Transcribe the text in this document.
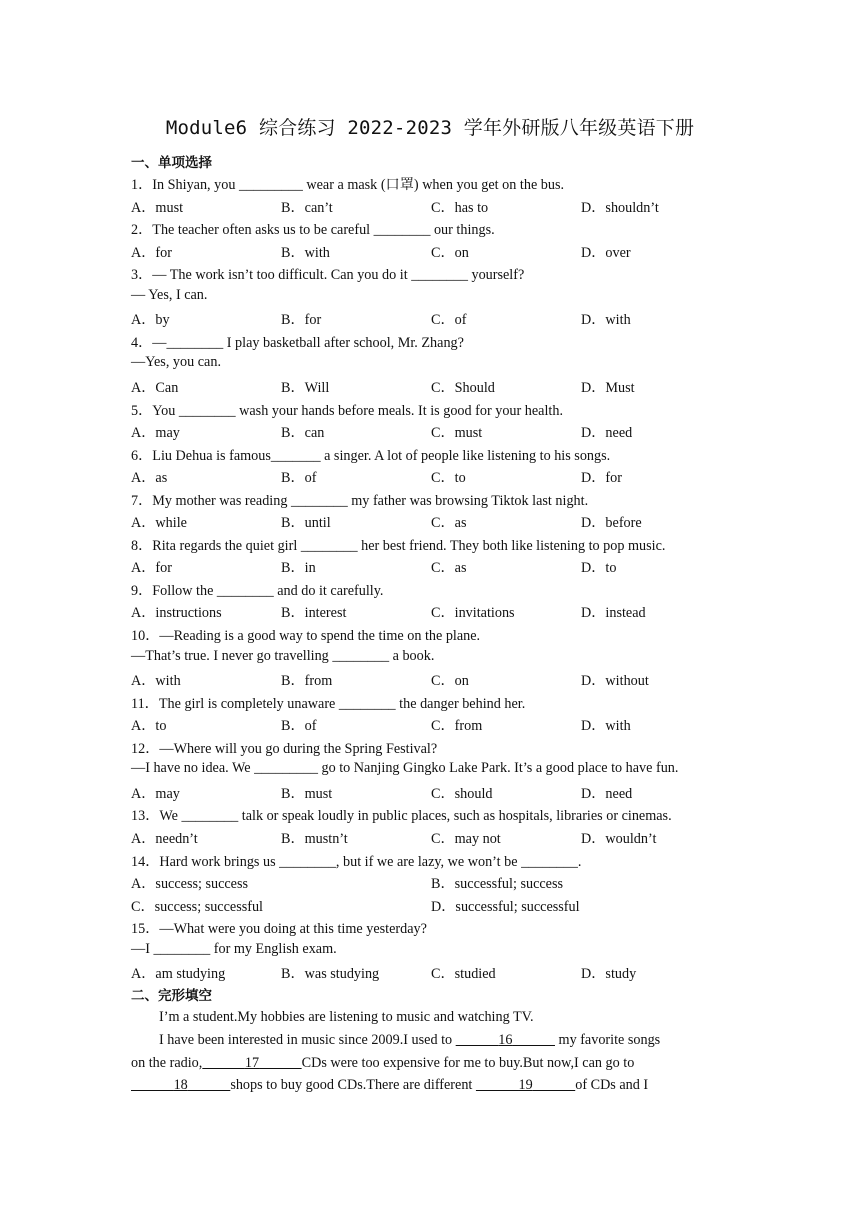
Module6 综合练习 2022-2023 学年外研版八年级英语下册
一、单项选择
1．In Shiyan, you _________ wear a mask (口罩) when you get on the bus.
A．must	B．can’t	C．has to	D．shouldn’t
2．The teacher often asks us to be careful ________ our things.
A．for	B．with	C．on	D．over
3．— The work isn’t too difficult. Can you do it ________ yourself?
— Yes, I can.
A．by	B．for	C．of	D．with
4．—________ I play basketball after school, Mr. Zhang?
—Yes, you can.
A．Can	B．Will	C．Should	D．Must
5．You ________ wash your hands before meals. It is good for your health.
A．may	B．can	C．must	D．need
6．Liu Dehua is famous_______ a singer. A lot of people like listening to his songs.
A．as	B．of	C．to	D．for
7．My mother was reading ________ my father was browsing Tiktok last night.
A．while	B．until	C．as	D．before
8．Rita regards the quiet girl ________ her best friend. They both like listening to pop music.
A．for	B．in	C．as	D．to
9．Follow the ________ and do it carefully.
A．instructions	B．interest	C．invitations	D．instead
10．—Reading is a good way to spend the time on the plane.
—That’s true. I never go travelling ________ a book.
A．with	B．from	C．on	D．without
11．The girl is completely unaware ________ the danger behind her.
A．to	B．of	C．from	D．with
12．—Where will you go during the Spring Festival?
—I have no idea. We _________ go to Nanjing Gingko Lake Park. It’s a good place to have fun.
A．may	B．must	C．should	D．need
13．We ________ talk or speak loudly in public places, such as hospitals, libraries or cinemas.
A．needn’t	B．mustn’t	C．may not	D．wouldn’t
14．Hard work brings us ________, but if we are lazy, we won’t be ________.
A．success; success	B．successful; success
C．success; successful	D．successful; successful
15．—What were you doing at this time yesterday?
—I ________ for my English exam.
A．am studying	B．was studying	C．studied	D．study
二、完形填空
I’m a student.My hobbies are listening to music and watching TV.
I have been interested in music since 2009.I used to	16	my favorite songs
on the radio,	17	CDs were too expensive for me to buy.But now,I can go to
18	shops to buy good CDs.There are different	19	of CDs and I
